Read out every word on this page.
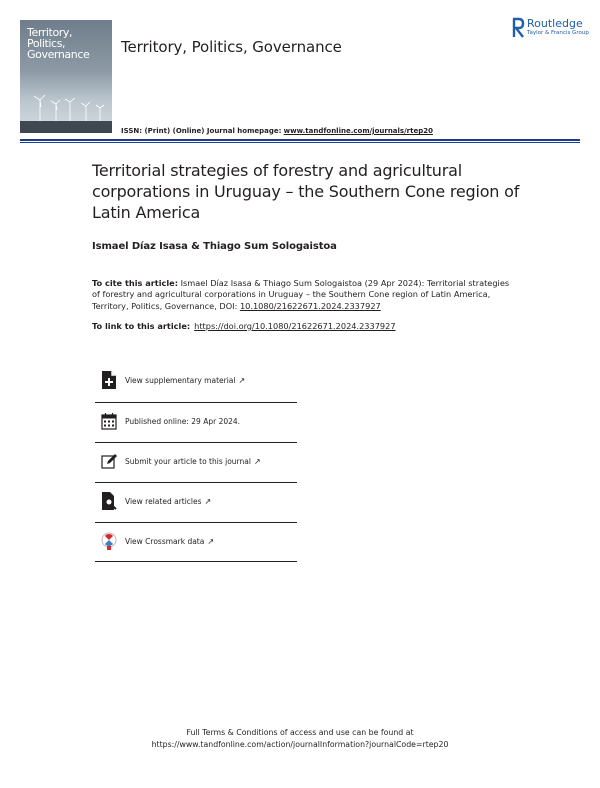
Territory,
Politics,
Governance Territory, Politics, Governance
Routledge
Taylor & Francis Group
ISSN: (Print) (Online) Journal homepage: www.tandfonline.com/journals/rtep20
Territorial strategies of forestry and agricultural corporations in Uruguay – the Southern Cone region of Latin America
Ismael Díaz Isasa & Thiago Sum Sologaistoa
To cite this article: Ismael Díaz Isasa & Thiago Sum Sologaistoa (29 Apr 2024): Territorial strategies of forestry and agricultural corporations in Uruguay – the Southern Cone region of Latin America, Territory, Politics, Governance, DOI: 10.1080/21622671.2024.2337927
To link to this article: https://doi.org/10.1080/21622671.2024.2337927
View supplementary material ↗
Published online: 29 Apr 2024.
Submit your article to this journal ↗
View related articles ↗
View Crossmark data ↗
Full Terms & Conditions of access and use can be found at
https://www.tandfonline.com/action/journalInformation?journalCode=rtep20
